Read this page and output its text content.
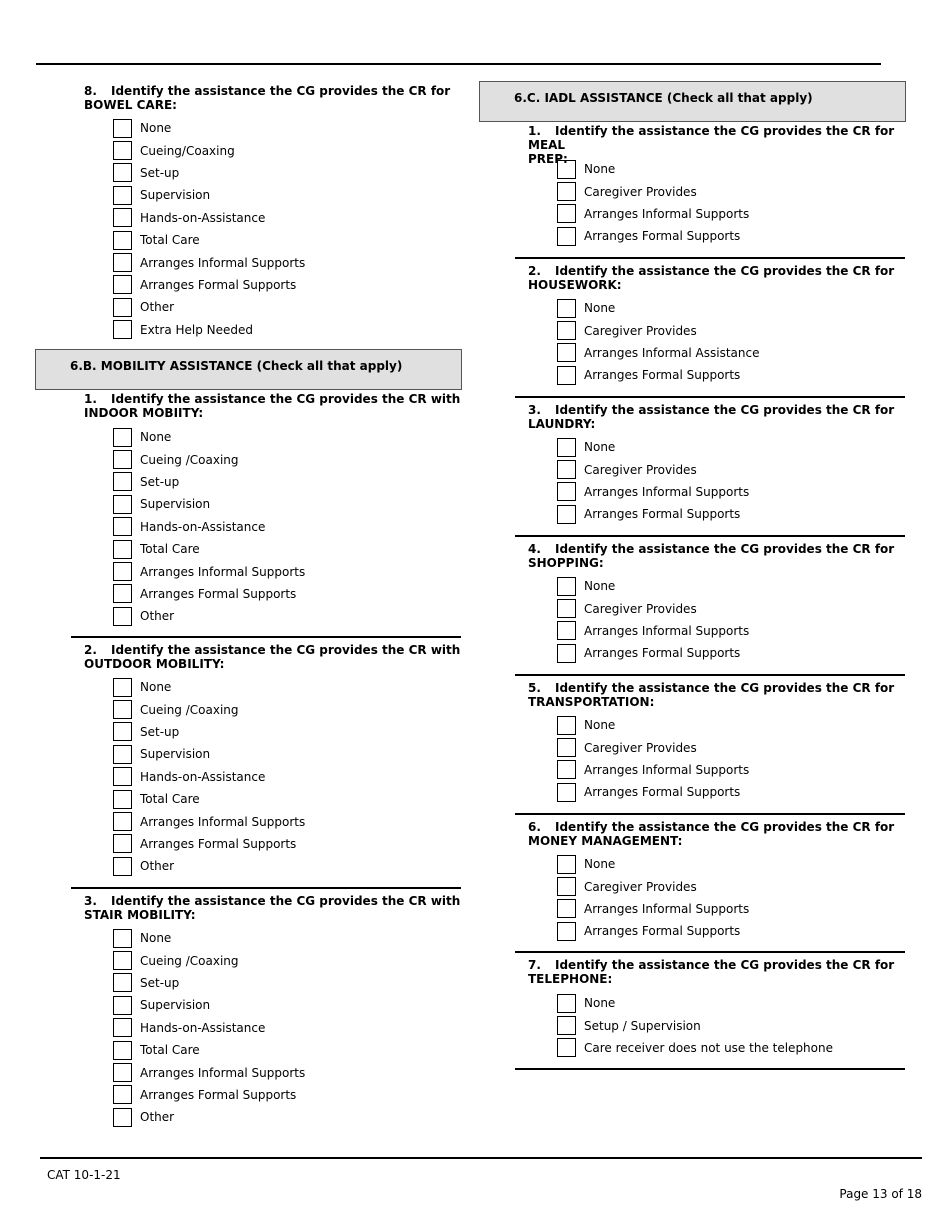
8. Identify the assistance the CG provides the CR for
BOWEL CARE:
None
Cueing/Coaxing
Set-up
Supervision
Hands-on-Assistance
Total Care
Arranges Informal Supports
Arranges Formal Supports
Other
Extra Help Needed
6.B. MOBILITY ASSISTANCE (Check all that apply)
1. Identify the assistance the CG provides the CR with
INDOOR MOBIITY:
None
Cueing /Coaxing
Set-up
Supervision
Hands-on-Assistance
Total Care
Arranges Informal Supports
Arranges Formal Supports
Other
2. Identify the assistance the CG provides the CR with
OUTDOOR MOBILITY:
None
Cueing /Coaxing
Set-up
Supervision
Hands-on-Assistance
Total Care
Arranges Informal Supports
Arranges Formal Supports
Other
3. Identify the assistance the CG provides the CR with
STAIR MOBILITY:
None
Cueing /Coaxing
Set-up
Supervision
Hands-on-Assistance
Total Care
Arranges Informal Supports
Arranges Formal Supports
Other
6.C. IADL ASSISTANCE (Check all that apply)
1. Identify the assistance the CG provides the CR for MEAL
PREP:
None
Caregiver Provides
Arranges Informal Supports
Arranges Formal Supports
2. Identify the assistance the CG provides the CR for
HOUSEWORK:
None
Caregiver Provides
Arranges Informal Assistance
Arranges Formal Supports
3. Identify the assistance the CG provides the CR for
LAUNDRY:
None
Caregiver Provides
Arranges Informal Supports
Arranges Formal Supports
4. Identify the assistance the CG provides the CR for
SHOPPING:
None
Caregiver Provides
Arranges Informal Supports
Arranges Formal Supports
5. Identify the assistance the CG provides the CR for
TRANSPORTATION:
None
Caregiver Provides
Arranges Informal Supports
Arranges Formal Supports
6. Identify the assistance the CG provides the CR for
MONEY MANAGEMENT:
None
Caregiver Provides
Arranges Informal Supports
Arranges Formal Supports
7. Identify the assistance the CG provides the CR for
TELEPHONE:
None
Setup / Supervision
Care receiver does not use the telephone
CAT 10-1-21
Page 13 of 18
